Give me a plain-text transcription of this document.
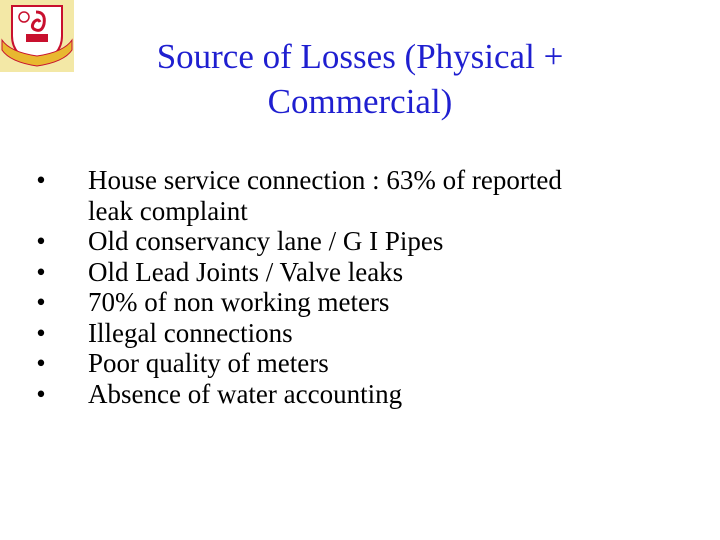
Source of Losses (Physical +
Commercial)
• House service connection : 63% of reported
leak complaint
• Old conservancy lane / G I Pipes
• Old Lead Joints / Valve leaks
• 70% of non working meters
• Illegal connections
• Poor quality of meters
• Absence of water accounting
